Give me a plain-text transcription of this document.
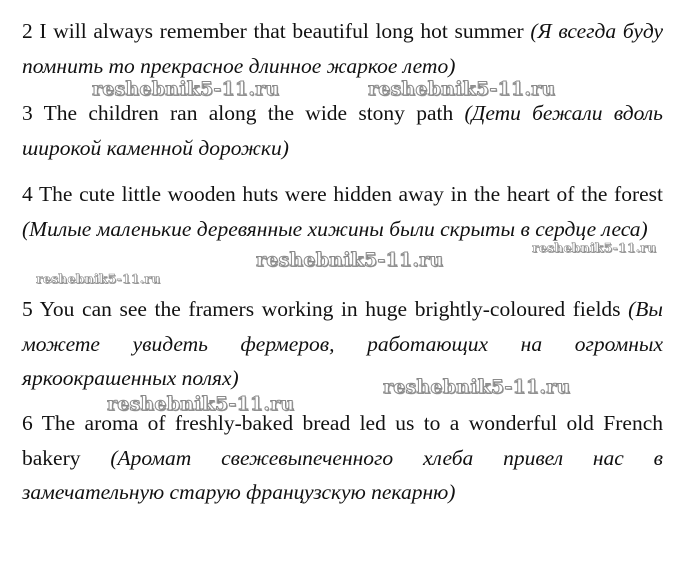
2 I will always remember that beautiful long hot summer (Я всегда буду помнить то прекрасное длинное жаркое лето)

3 The children ran along the wide stony path (Дети бежали вдоль широкой каменной дорожки)

4 The cute little wooden huts were hidden away in the heart of the forest (Милые маленькие деревянные хижины были скрыты в сердце леса)

5 You can see the framers working in huge brightly-coloured fields (Вы можете увидеть фермеров, работающих на огромных яркоокрашенных полях)

6 The aroma of freshly-baked bread led us to a wonderful old French bakery (Аромат свежевыпеченного хлеба привел нас в замечательную старую французскую пекарню)

reshebnik5-11.ru	reshebnik5-11.ru
reshebnik5-11.ru
reshebnik5-11.ru
reshebnik5-11.ru
reshebnik5-11.ru
reshebnik5-11.ru
